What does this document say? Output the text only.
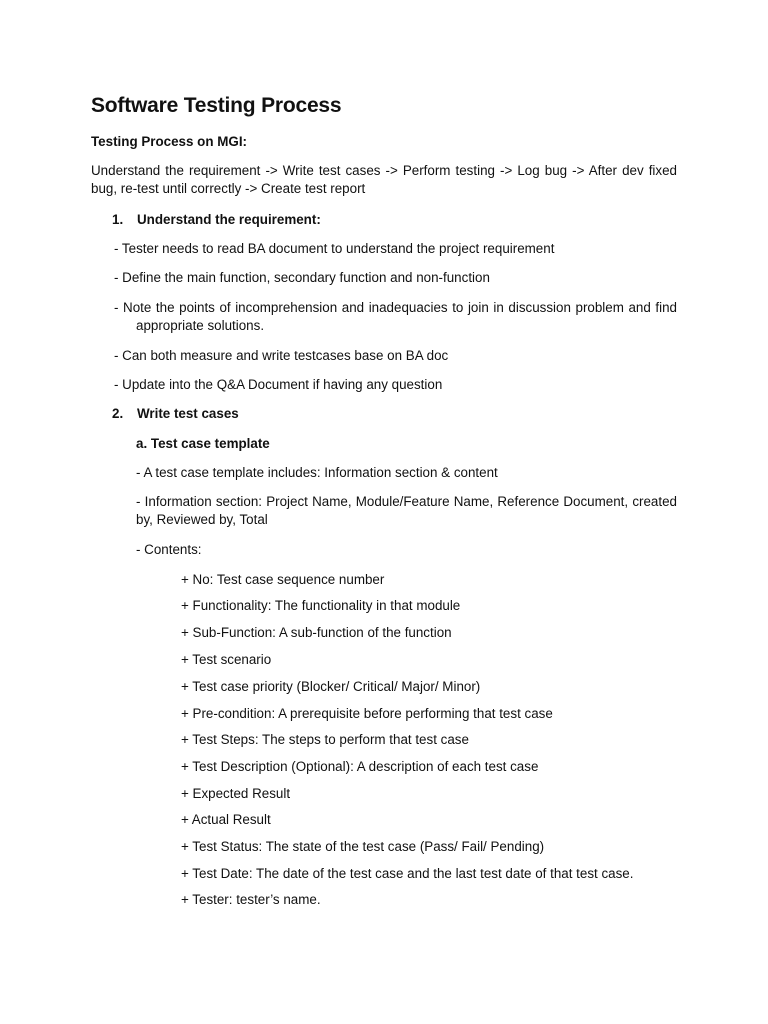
Software Testing Process
Testing Process on MGI:
Understand the requirement -> Write test cases -> Perform testing -> Log bug -> After dev fixed bug, re-test until correctly -> Create test report
1. Understand the requirement:
- Tester needs to read BA document to understand the project requirement
- Define the main function, secondary function and non-function
- Note the points of incomprehension and inadequacies to join in discussion problem and find appropriate solutions.
- Can both measure and write testcases base on BA doc
- Update into the Q&A Document if having any question
2. Write test cases
a. Test case template
- A test case template includes: Information section & content
- Information section: Project Name, Module/Feature Name, Reference Document, created by, Reviewed by, Total
- Contents:
+ No: Test case sequence number
+ Functionality: The functionality in that module
+ Sub-Function: A sub-function of the function
+ Test scenario
+ Test case priority (Blocker/ Critical/ Major/ Minor)
+ Pre-condition: A prerequisite before performing that test case
+ Test Steps: The steps to perform that test case
+ Test Description (Optional): A description of each test case
+ Expected Result
+ Actual Result
+ Test Status: The state of the test case (Pass/ Fail/ Pending)
+ Test Date: The date of the test case and the last test date of that test case.
+ Tester: tester’s name.
